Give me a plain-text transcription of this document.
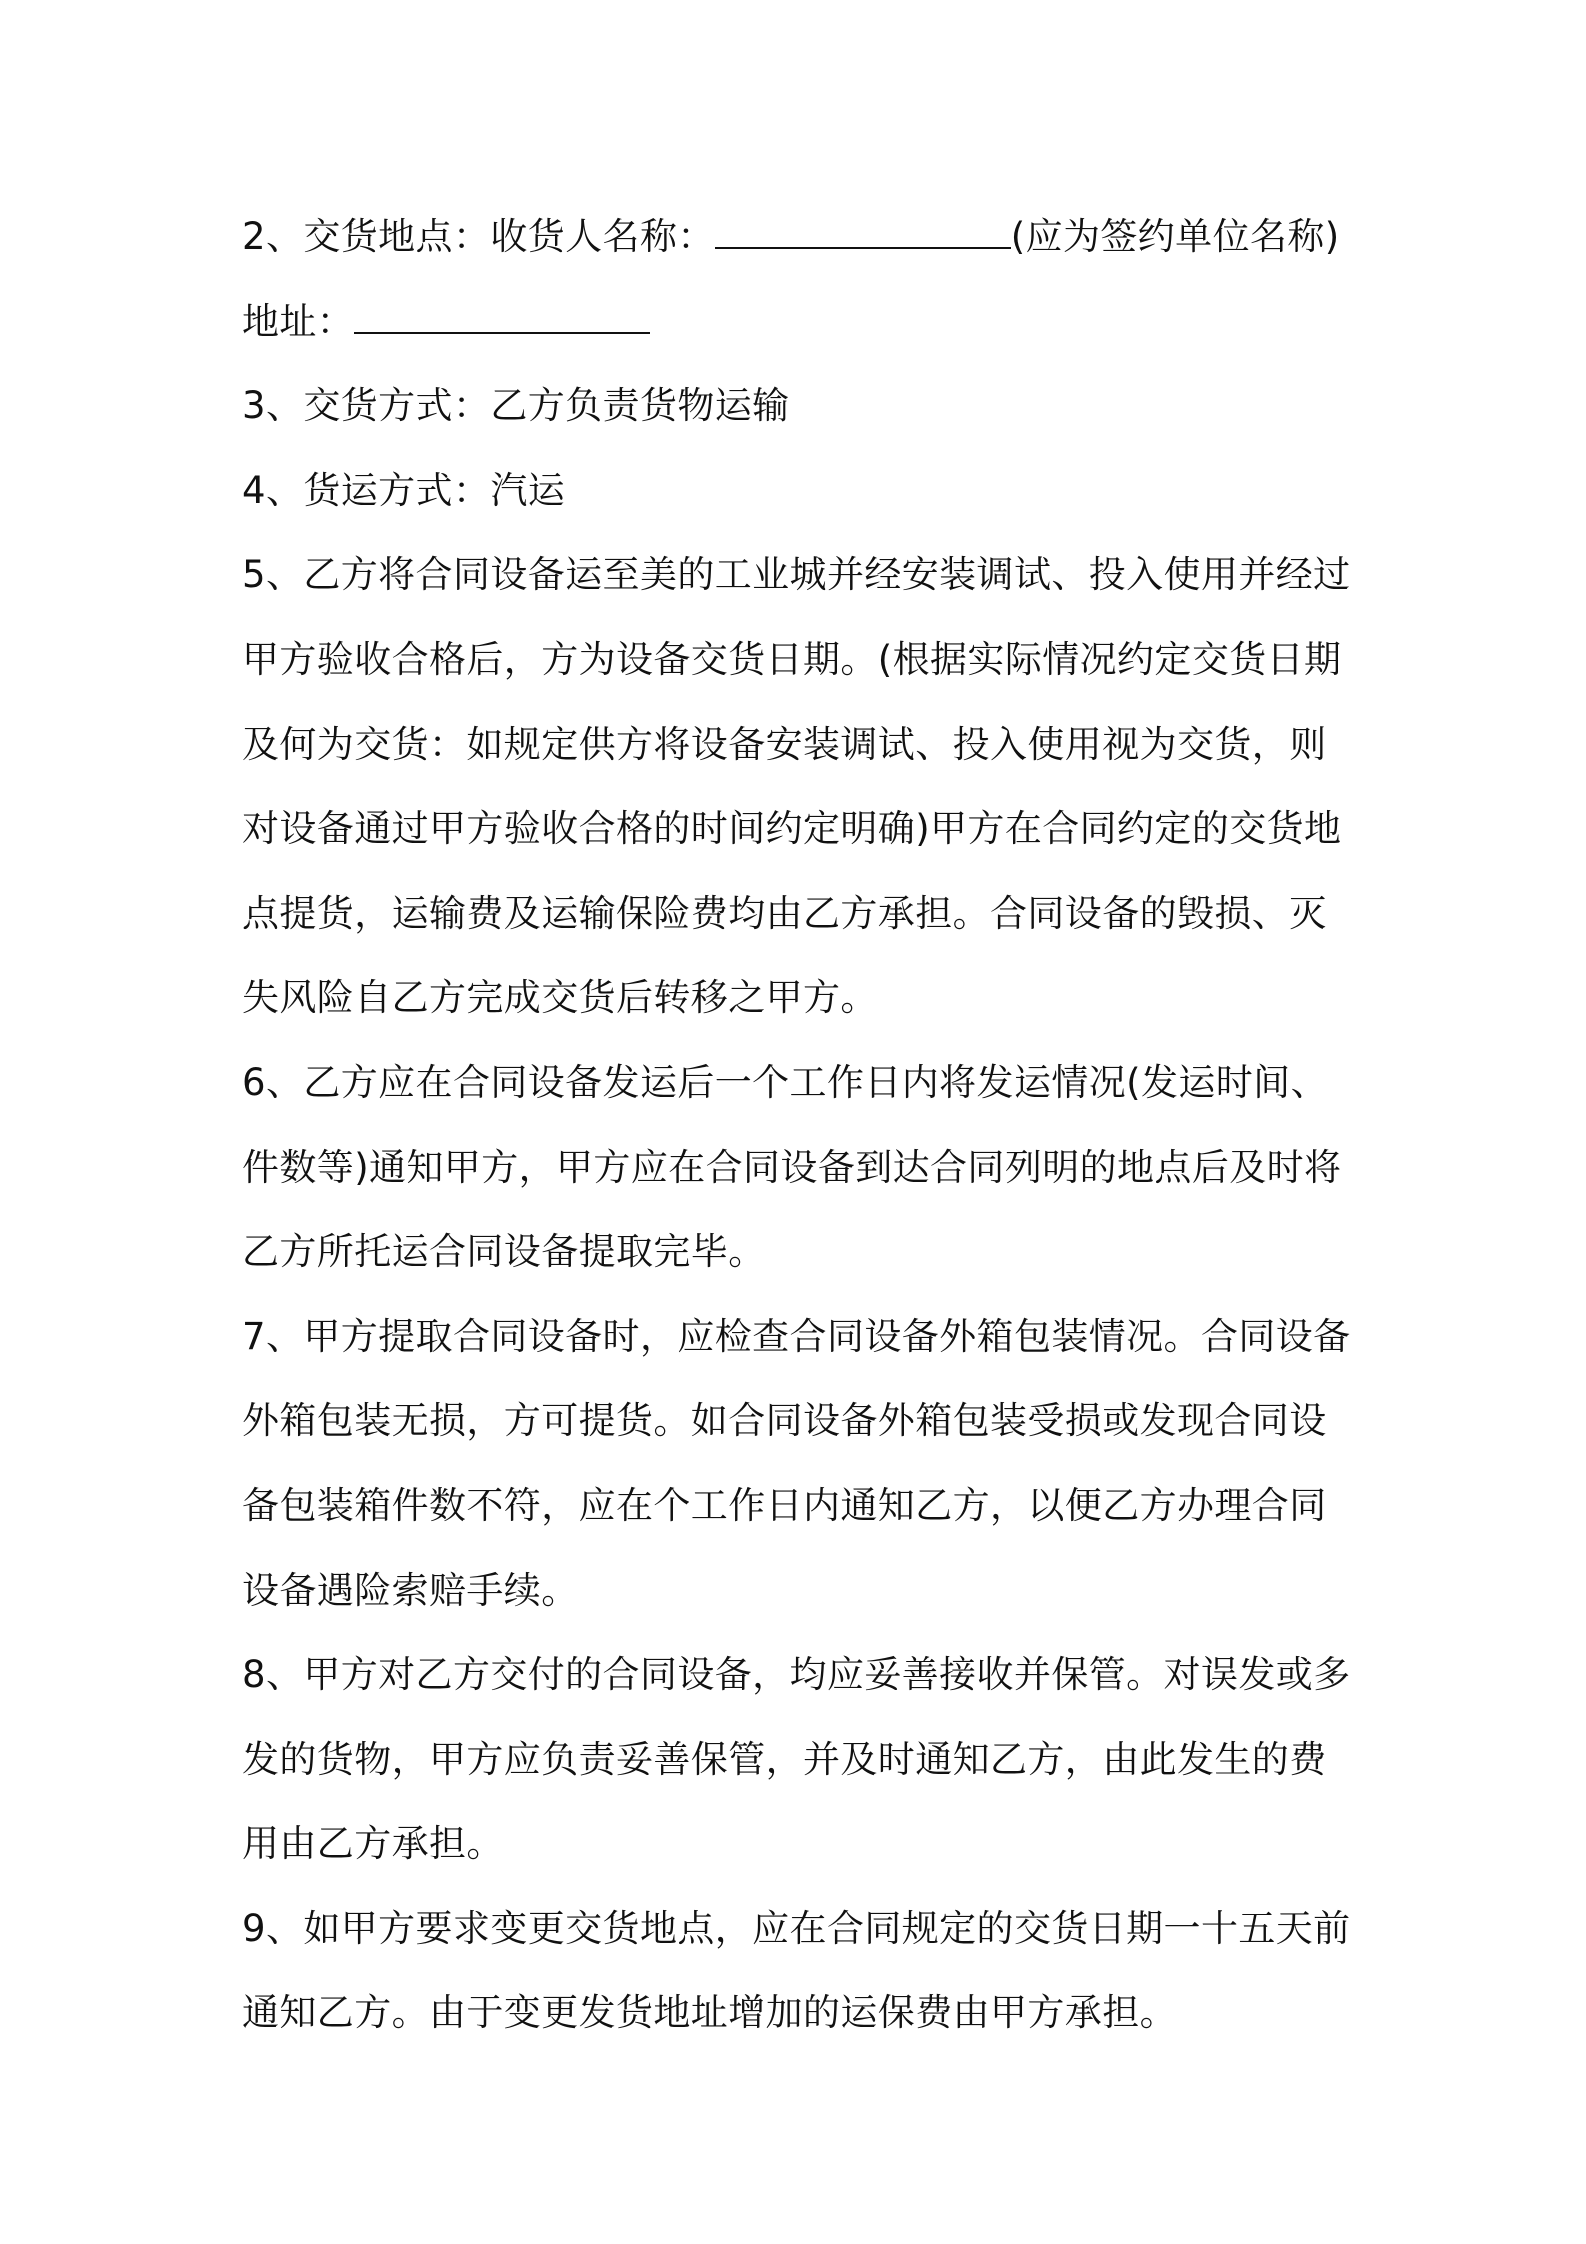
2、交货地点：收货人名称：	(应为签约单位名称)

地址：

3、交货方式：乙方负责货物运输

4、货运方式：汽运

5、乙方将合同设备运至美的工业城并经安装调试、投入使用并经过甲方验收合格后，方为设备交货日期。(根据实际情况约定交货日期及何为交货：如规定供方将设备安装调试、投入使用视为交货，则对设备通过甲方验收合格的时间约定明确)甲方在合同约定的交货地点提货，运输费及运输保险费均由乙方承担。合同设备的毁损、灭失风险自乙方完成交货后转移之甲方。

6、乙方应在合同设备发运后一个工作日内将发运情况(发运时间、件数等)通知甲方，甲方应在合同设备到达合同列明的地点后及时将乙方所托运合同设备提取完毕。

7、甲方提取合同设备时，应检查合同设备外箱包装情况。合同设备外箱包装无损，方可提货。如合同设备外箱包装受损或发现合同设备包装箱件数不符，应在个工作日内通知乙方，以便乙方办理合同设备遇险索赔手续。

8、甲方对乙方交付的合同设备，均应妥善接收并保管。对误发或多发的货物，甲方应负责妥善保管，并及时通知乙方，由此发生的费用由乙方承担。

9、如甲方要求变更交货地点，应在合同规定的交货日期一十五天前通知乙方。由于变更发货地址增加的运保费由甲方承担。
